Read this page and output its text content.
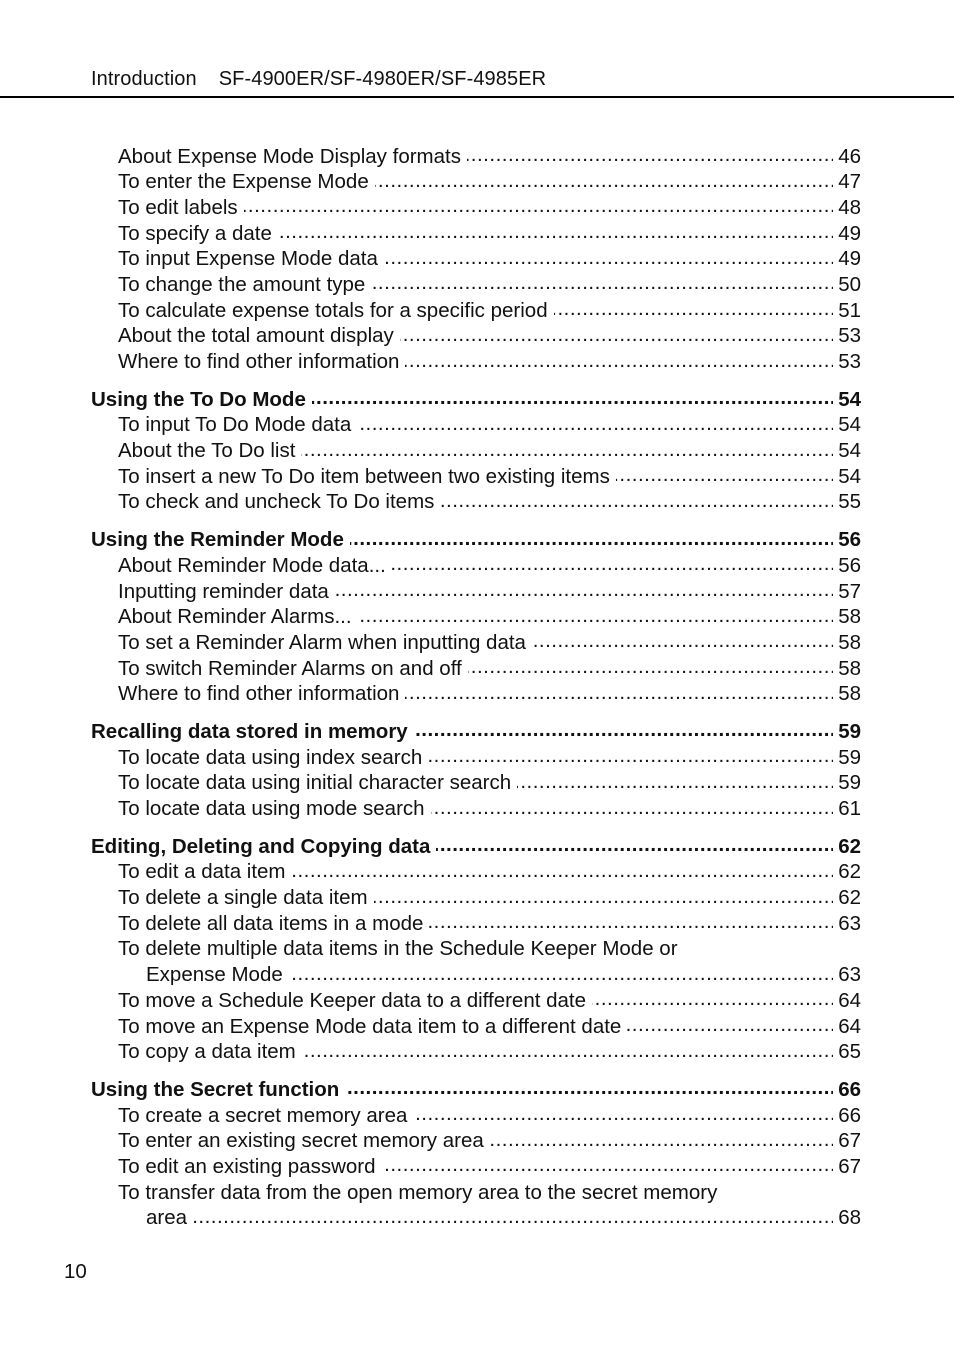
Introduction SF-4900ER/SF-4980ER/SF-4985ER
About Expense Mode Display formats . . .	46
To enter the Expense Mode . . .	47
To edit labels . . .	48
To specify a date . . .	49
To input Expense Mode data . . .	49
To change the amount type . . .	50
To calculate expense totals for a specific period . . .	51
About the total amount display . . .	53
Where to find other information . . .	53
Using the To Do Mode . . .	54
To input To Do Mode data . . .	54
About the To Do list . . .	54
To insert a new To Do item between two existing items . . .	54
To check and uncheck To Do items . . .	55
Using the Reminder Mode . . .	56
About Reminder Mode data... . . .	56
Inputting reminder data . . .	57
About Reminder Alarms... . . .	58
To set a Reminder Alarm when inputting data . . .	58
To switch Reminder Alarms on and off . . .	58
Where to find other information . . .	58
Recalling data stored in memory . . .	59
To locate data using index search . . .	59
To locate data using initial character search . . .	59
To locate data using mode search . . .	61
Editing, Deleting and Copying data . . .	62
To edit a data item . . .	62
To delete a single data item . . .	62
To delete all data items in a mode . . .	63
To delete multiple data items in the Schedule Keeper Mode or
Expense Mode . . .	63
To move a Schedule Keeper data to a different date . . .	64
To move an Expense Mode data item to a different date . . .	64
To copy a data item . . .	65
Using the Secret function . . .	66
To create a secret memory area . . .	66
To enter an existing secret memory area . . .	67
To edit an existing password . . .	67
To transfer data from the open memory area to the secret memory
area . . .	68
10
